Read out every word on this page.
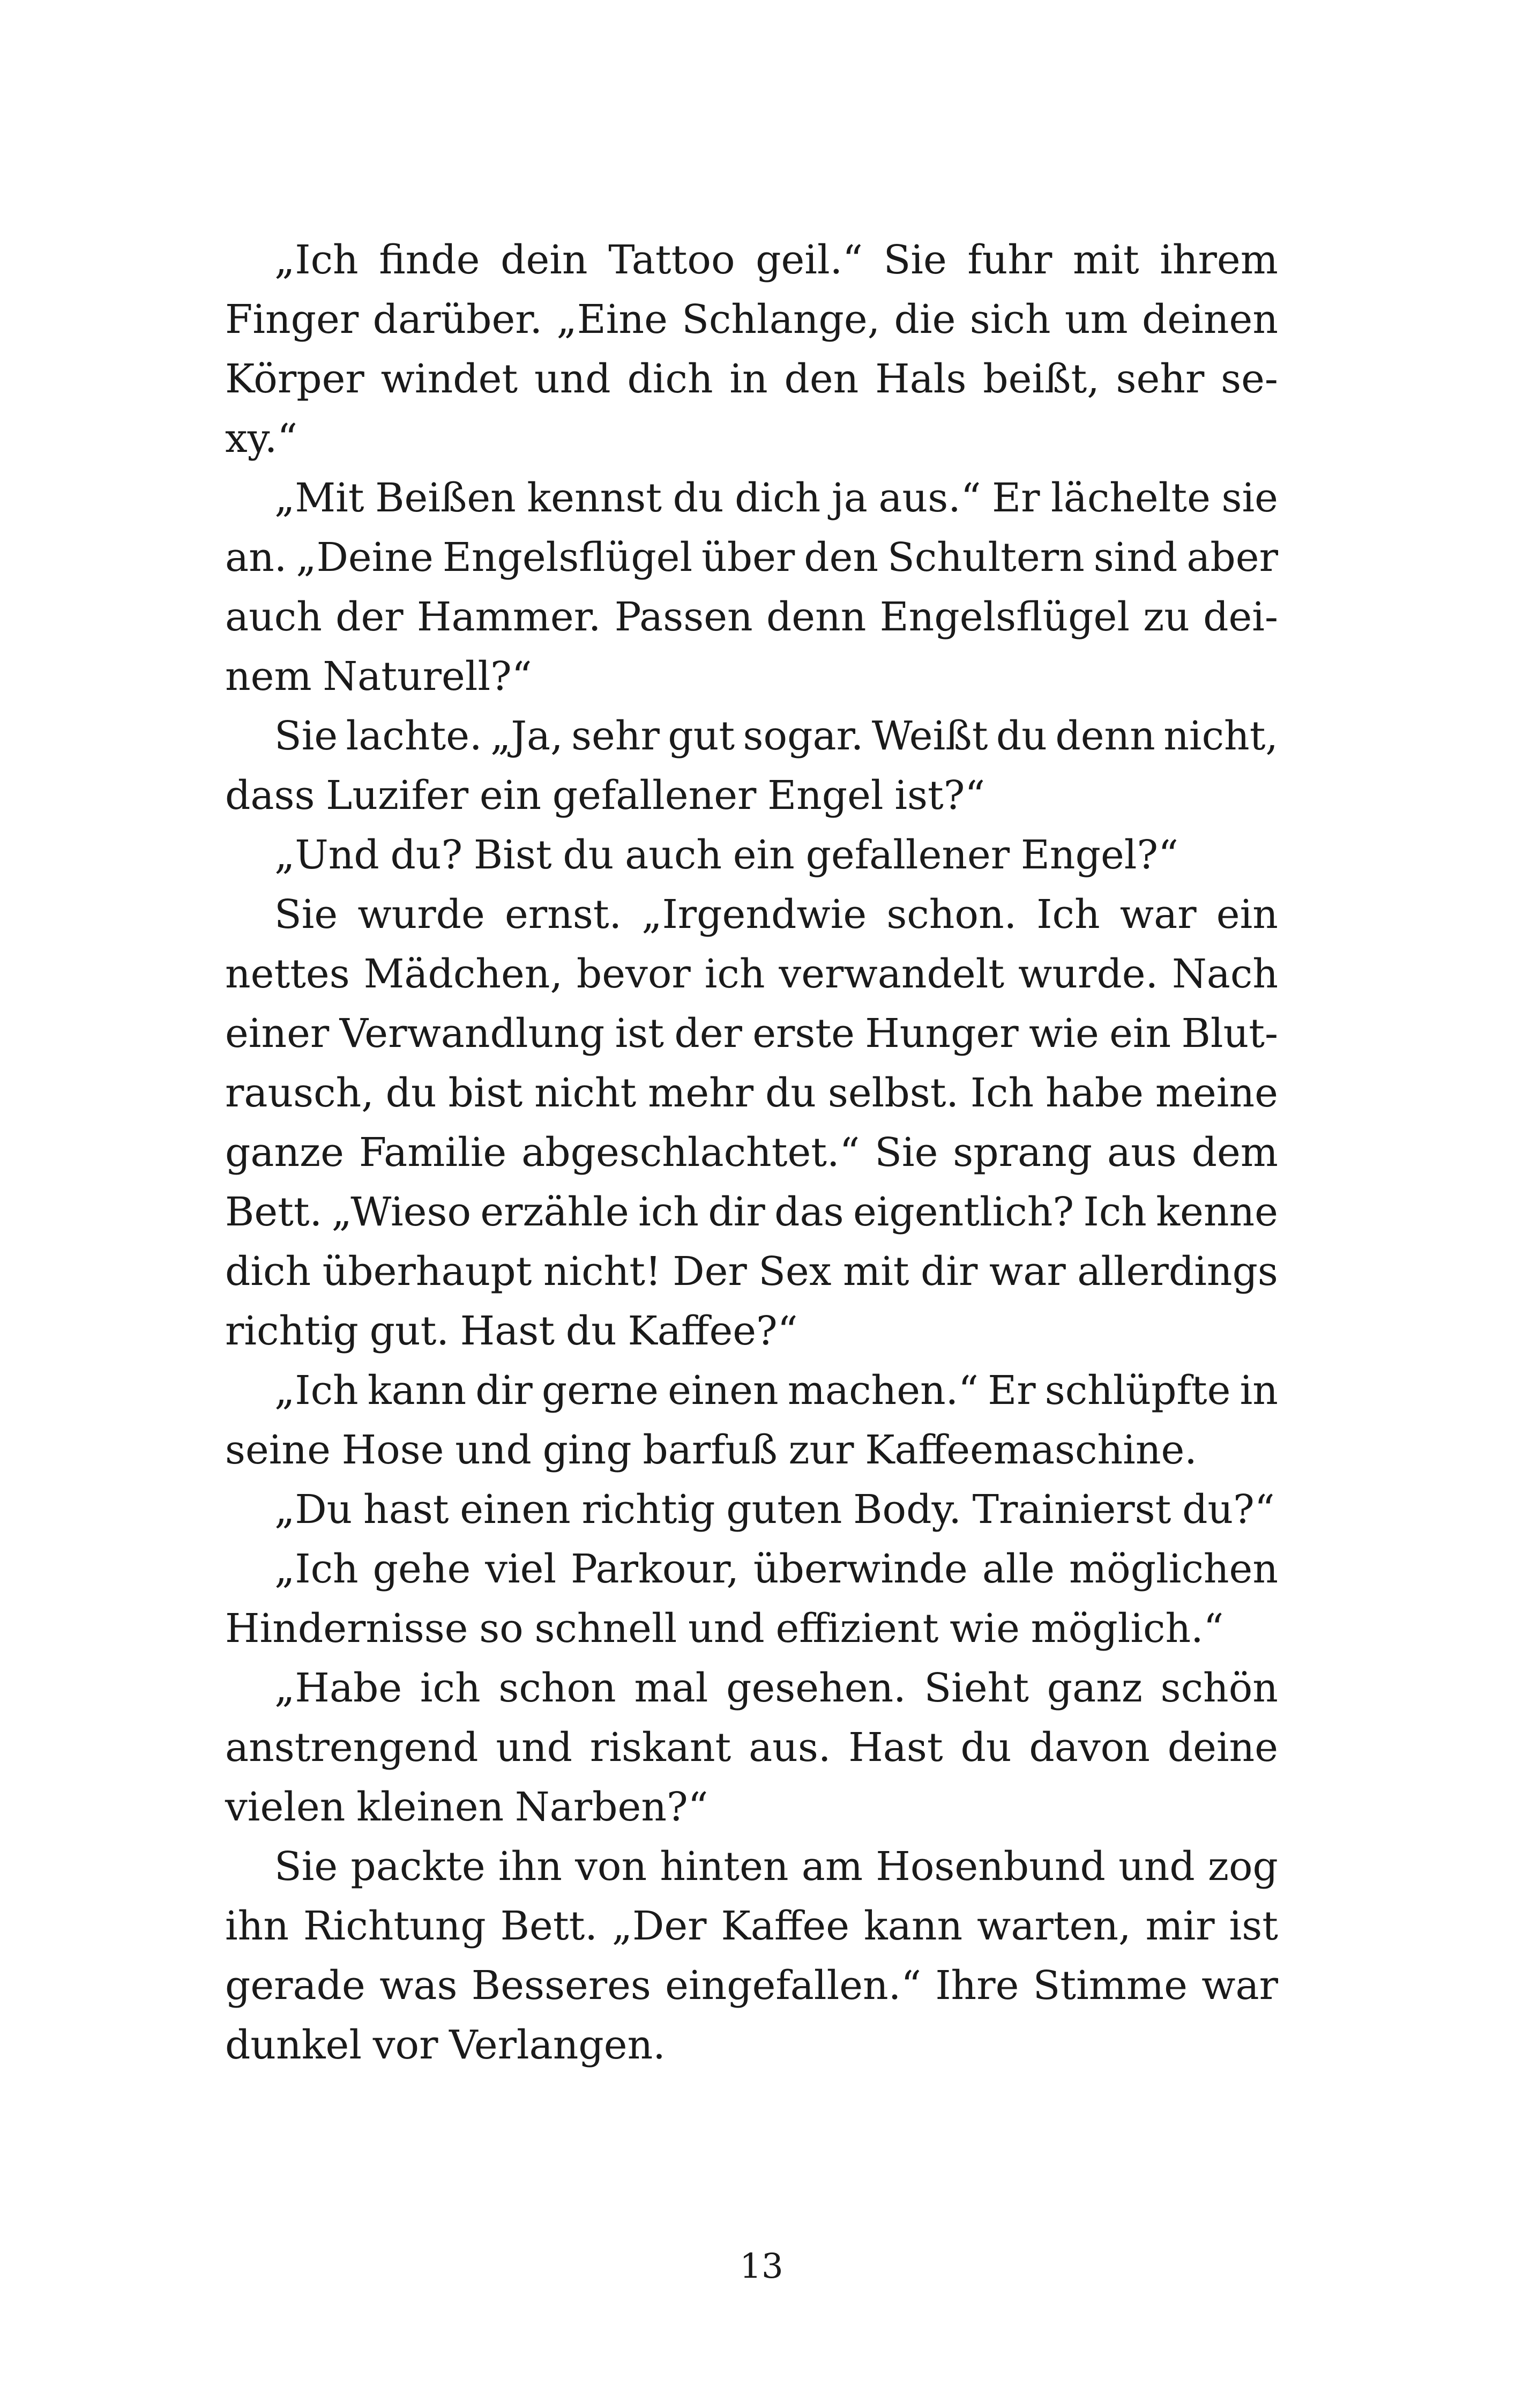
„Ich finde dein Tattoo geil.“ Sie fuhr mit ihrem
Finger darüber. „Eine Schlange, die sich um deinen
Körper windet und dich in den Hals beißt, sehr se-
xy.“
„Mit Beißen kennst du dich ja aus.“ Er lächelte sie
an. „Deine Engelsflügel über den Schultern sind aber
auch der Hammer. Passen denn Engelsflügel zu dei-
nem Naturell?“
Sie lachte. „Ja, sehr gut sogar. Weißt du denn nicht,
dass Luzifer ein gefallener Engel ist?“
„Und du? Bist du auch ein gefallener Engel?“
Sie wurde ernst. „Irgendwie schon. Ich war ein
nettes Mädchen, bevor ich verwandelt wurde. Nach
einer Verwandlung ist der erste Hunger wie ein Blut-
rausch, du bist nicht mehr du selbst. Ich habe meine
ganze Familie abgeschlachtet.“ Sie sprang aus dem
Bett. „Wieso erzähle ich dir das eigentlich? Ich kenne
dich überhaupt nicht! Der Sex mit dir war allerdings
richtig gut. Hast du Kaffee?“
„Ich kann dir gerne einen machen.“ Er schlüpfte in
seine Hose und ging barfuß zur Kaffeemaschine.
„Du hast einen richtig guten Body. Trainierst du?“
„Ich gehe viel Parkour, überwinde alle möglichen
Hindernisse so schnell und effizient wie möglich.“
„Habe ich schon mal gesehen. Sieht ganz schön
anstrengend und riskant aus. Hast du davon deine
vielen kleinen Narben?“
Sie packte ihn von hinten am Hosenbund und zog
ihn Richtung Bett. „Der Kaffee kann warten, mir ist
gerade was Besseres eingefallen.“ Ihre Stimme war
dunkel vor Verlangen.
13
